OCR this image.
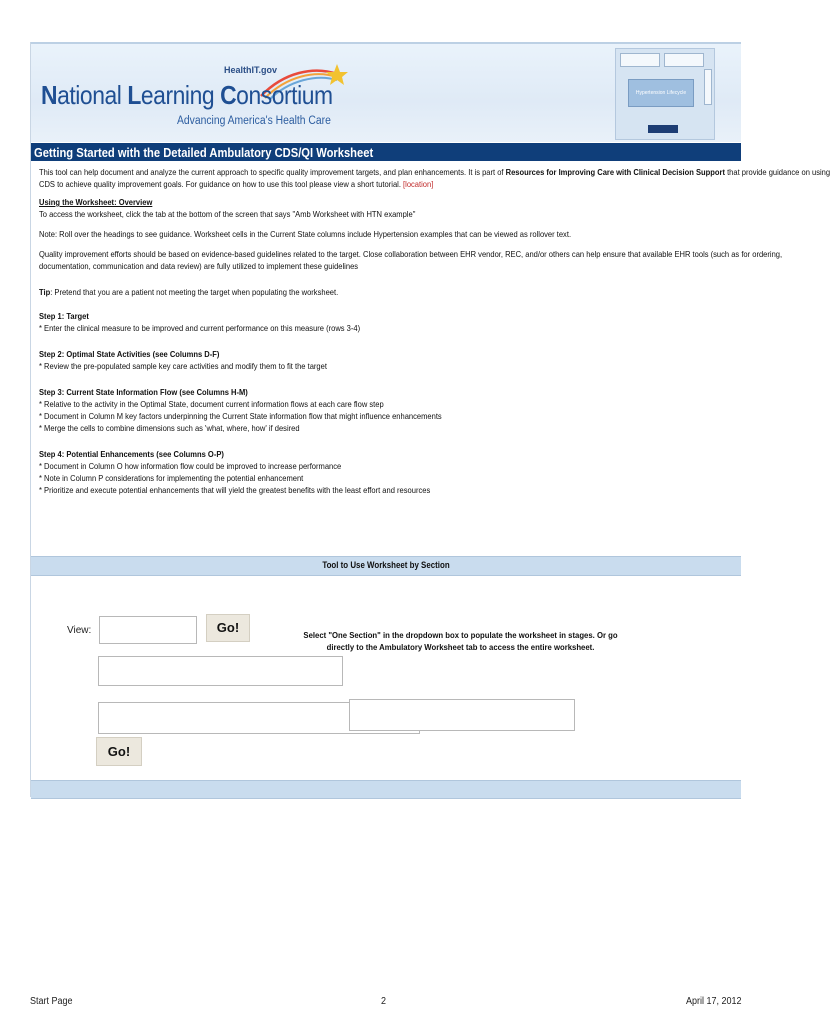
HealthIT.gov
National Learning Consortium
Advancing America's Health Care
Hypertension Lifecycle
Getting Started with the Detailed Ambulatory CDS/QI Worksheet
This tool can help document and analyze the current approach to specific quality improvement targets, and plan enhancements. It is part of Resources for Improving Care with Clinical Decision Support that provide guidance on using
CDS to achieve quality improvement goals. For guidance on how to use this tool please view a short tutorial. [location]
Using the Worksheet: Overview
To access the worksheet, click the tab at the bottom of the screen that says "Amb Worksheet with HTN example"
Note: Roll over the headings to see guidance. Worksheet cells in the Current State columns include Hypertension examples that can be viewed as rollover text.
Quality improvement efforts should be based on evidence-based guidelines related to the target. Close collaboration between EHR vendor, REC, and/or others can help ensure that available EHR tools (such as for ordering,
documentation, communication and data review) are fully utilized to implement these guidelines
Tip: Pretend that you are a patient not meeting the target when populating the worksheet.
Step 1: Target
* Enter the clinical measure to be improved and current performance on this measure (rows 3-4)
Step 2: Optimal State Activities (see Columns D-F)
* Review the pre-populated sample key care activities and modify them to fit the target
Step 3: Current State Information Flow (see Columns H-M)
* Relative to the activity in the Optimal State, document current information flows at each care flow step
* Document in Column M key factors underpinning the Current State information flow that might influence enhancements
* Merge the cells to combine dimensions such as 'what, where, how' if desired
Step 4: Potential Enhancements (see Columns O-P)
* Document in Column O how information flow could be improved to increase performance
* Note in Column P considerations for implementing the potential enhancement
* Prioritize and execute potential enhancements that will yield the greatest benefits with the least effort and resources
Tool to Use Worksheet by Section
View:	Go!	Select "One Section" in the dropdown box to populate the worksheet in stages. Or go
directly to the Ambulatory Worksheet tab to access the entire worksheet.
Go!
Start Page	2	April 17, 2012
